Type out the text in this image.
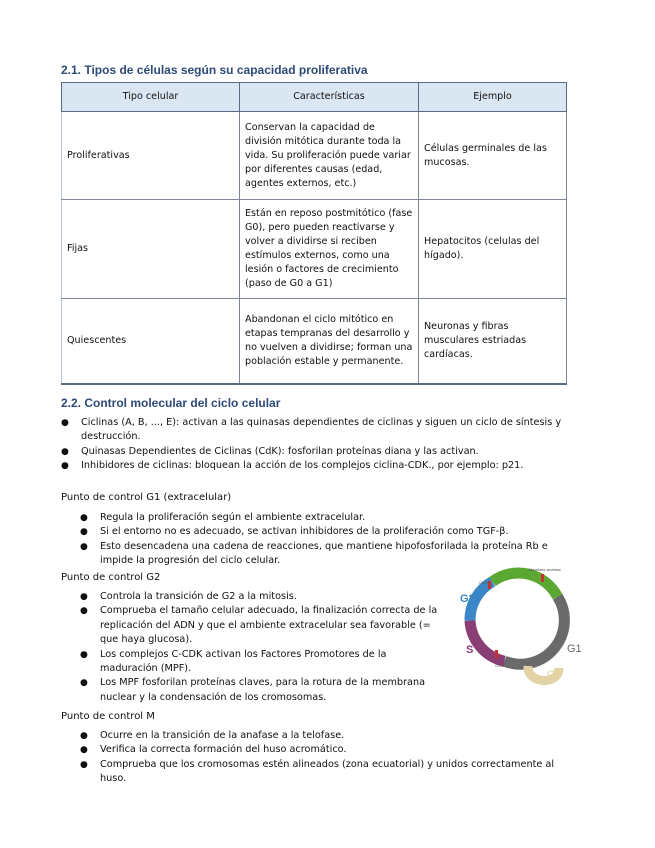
2.1. Tipos de células según su capacidad proliferativa
Tipo celular	Características	Ejemplo
Proliferativas	Conservan la capacidad de división mitótica durante toda la vida. Su proliferación puede variar por diferentes causas (edad, agentes externos, etc.)	Células germinales de las mucosas.
Fijas	Están en reposo postmitótico (fase G0), pero pueden reactivarse y volver a dividirse si reciben estímulos externos, como una lesión o factores de crecimiento (paso de G0 a G1)	Hepatocitos (celulas del hígado).
Quiescentes	Abandonan el ciclo mitótico en etapas tempranas del desarrollo y no vuelven a dividirse; forman una población estable y permanente.	Neuronas y fibras musculares estriadas cardíacas.
2.2. Control molecular del ciclo celular
● Ciclinas (A, B, ..., E): activan a las quinasas dependientes de ciclinas y siguen un ciclo de síntesis y destrucción.
● Quinasas Dependientes de Ciclinas (CdK): fosforilan proteínas diana y las activan.
● Inhibidores de ciclinas: bloquean la acción de los complejos ciclina-CDK., por ejemplo: p21.
Punto de control G1 (extracelular)
● Regula la proliferación según el ambiente extracelular.
● Si el entorno no es adecuado, se activan inhibidores de la proliferación como TGF-β.
● Esto desencadena una cadena de reacciones, que mantiene hipofosforilada la proteína Rb e impide la progresión del ciclo celular.
Punto de control G2
● Controla la transición de G2 a la mitosis.
● Comprueba el tamaño celular adecuado, la finalización correcta de la replicación del ADN y que el ambiente extracelular sea favorable (= que haya glucosa).
● Los complejos C-CDK activan los Factores Promotores de la maduración (MPF).
● Los MPF fosforilan proteínas claves, para la rotura de la membrana nuclear y la condensación de los cromosomas.
Punto de control M
● Ocurre en la transición de la anafase a la telofase.
● Verifica la correcta formación del huso acromático.
● Comprueba que los cromosomas estén alineados (zona ecuatorial) y unidos correctamente al huso.
M
G2
S	G1
G0
G2/M
Metafase-anafase
G1/S
